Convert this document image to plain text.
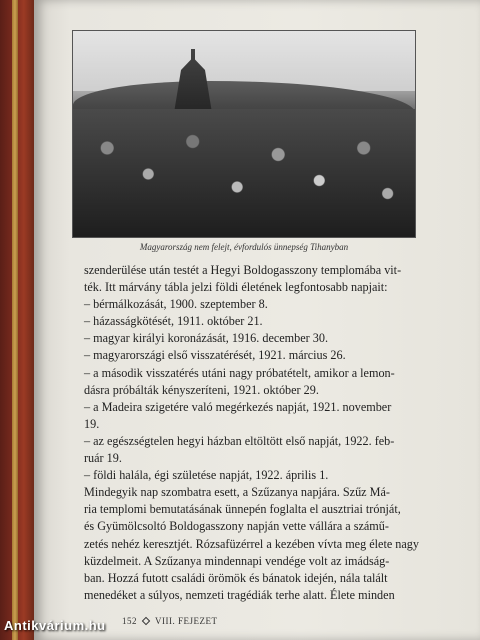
Magyarország nem felejt, évfordulós ünnepség Tihanyban
szenderülése után testét a Hegyi Boldogasszony templomába vit-
ték. Itt márvány tábla jelzi földi életének legfontosabb napjait:
– bérmálkozását, 1900. szeptember 8.
– házasságkötését, 1911. október 21.
– magyar királyi koronázását, 1916. december 30.
– magyarországi első visszatérését, 1921. március 26.
– a második visszatérés utáni nagy próbatételt, amikor a lemon-
dásra próbálták kényszeríteni, 1921. október 29.
– a Madeira szigetére való megérkezés napját, 1921. november
19.
– az egészségtelen hegyi házban eltöltött első napját, 1922. feb-
ruár 19.
– földi halála, égi születése napját, 1922. április 1.
Mindegyik nap szombatra esett, a Szűzanya napjára. Szűz Má-
ria templomi bemutatásának ünnepén foglalta el ausztriai trónját,
és Gyümölcsoltó Boldogasszony napján vette vállára a számű-
zetés nehéz keresztjét. Rózsafüzérrel a kezében vívta meg élete nagy
küzdelmeit. A Szűzanya mindennapi vendége volt az imádság-
ban. Hozzá futott családi örömök és bánatok idején, nála talált
menedéket a súlyos, nemzeti tragédiák terhe alatt. Élete minden
152 VIII. FEJEZET
Antikvárium.hu
